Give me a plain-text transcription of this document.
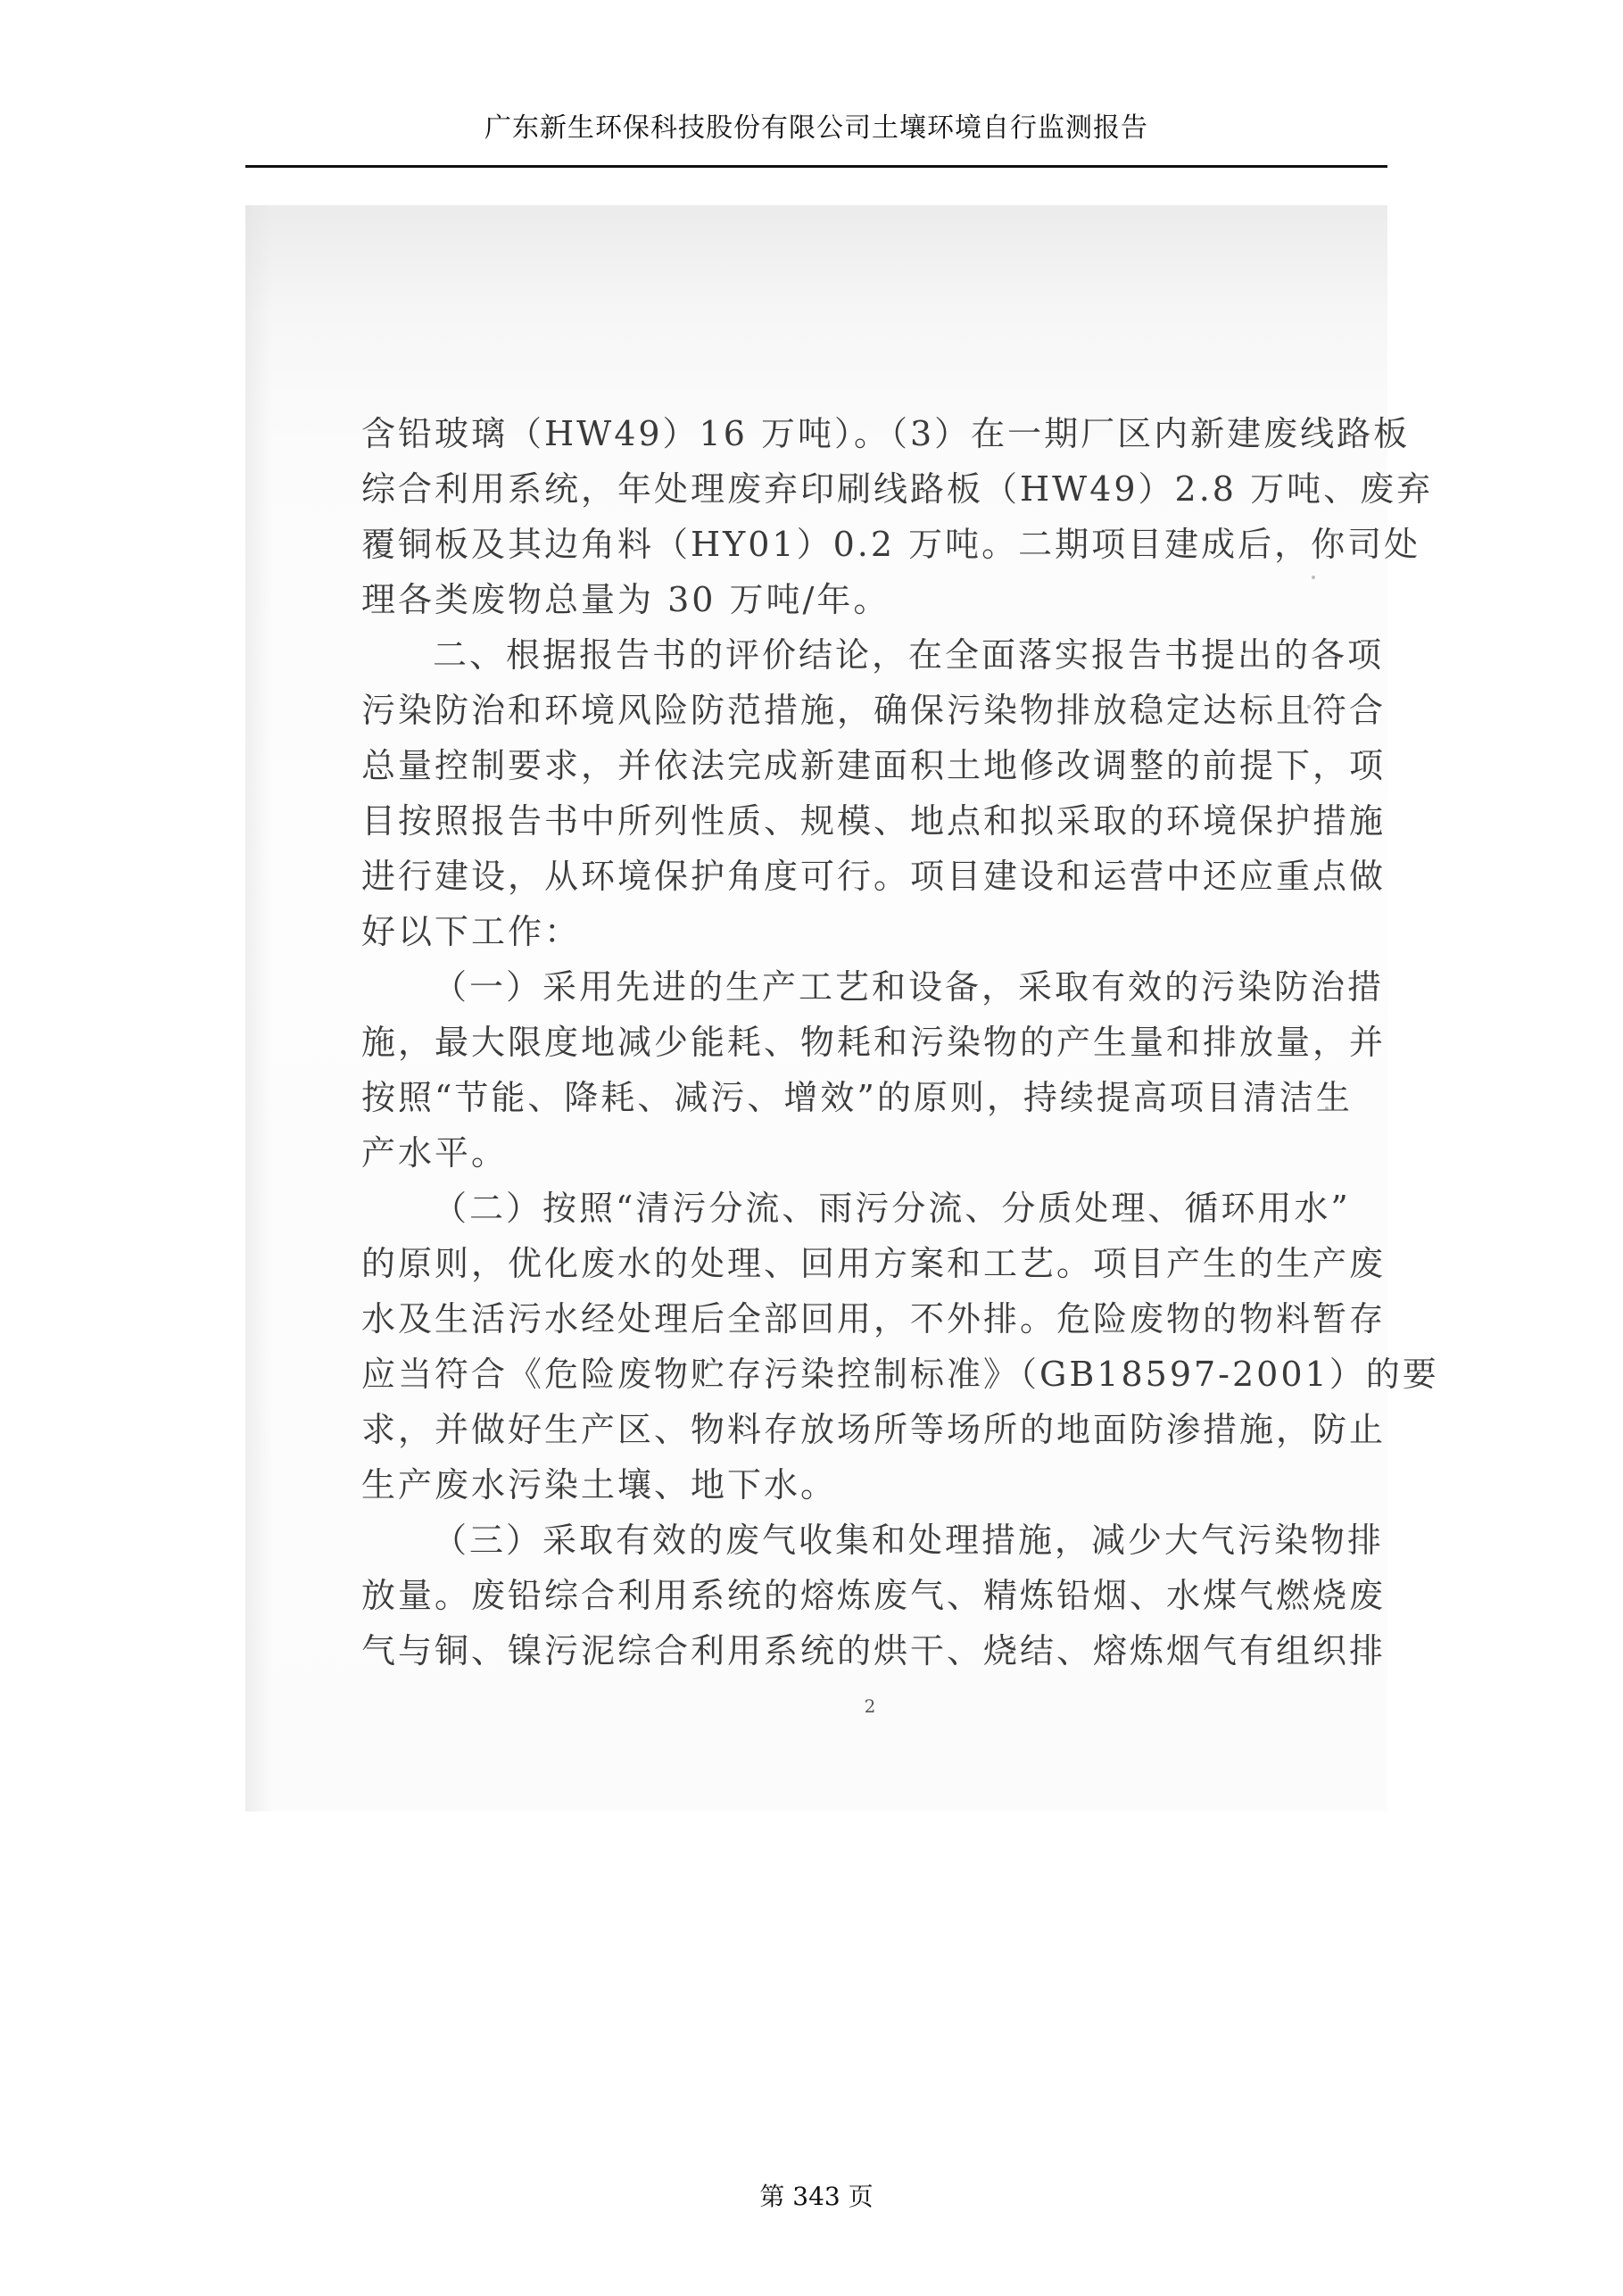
广东新生环保科技股份有限公司土壤环境自行监测报告
含铅玻璃（HW49）16 万吨）。（3）在一期厂区内新建废线路板
综合利用系统，年处理废弃印刷线路板（HW49）2.8 万吨、废弃
覆铜板及其边角料（HY01）0.2 万吨。二期项目建成后，你司处
理各类废物总量为 30 万吨/年。
二、根据报告书的评价结论，在全面落实报告书提出的各项
污染防治和环境风险防范措施，确保污染物排放稳定达标且符合
总量控制要求，并依法完成新建面积土地修改调整的前提下，项
目按照报告书中所列性质、规模、地点和拟采取的环境保护措施
进行建设，从环境保护角度可行。项目建设和运营中还应重点做
好以下工作：
（一）采用先进的生产工艺和设备，采取有效的污染防治措
施，最大限度地减少能耗、物耗和污染物的产生量和排放量，并
按照“节能、降耗、减污、增效”的原则，持续提高项目清洁生
产水平。
（二）按照“清污分流、雨污分流、分质处理、循环用水”
的原则，优化废水的处理、回用方案和工艺。项目产生的生产废
水及生活污水经处理后全部回用，不外排。危险废物的物料暂存
应当符合《危险废物贮存污染控制标准》（GB18597-2001）的要
求，并做好生产区、物料存放场所等场所的地面防渗措施，防止
生产废水污染土壤、地下水。
（三）采取有效的废气收集和处理措施，减少大气污染物排
放量。废铅综合利用系统的熔炼废气、精炼铅烟、水煤气燃烧废
气与铜、镍污泥综合利用系统的烘干、烧结、熔炼烟气有组织排
2
第 343 页
